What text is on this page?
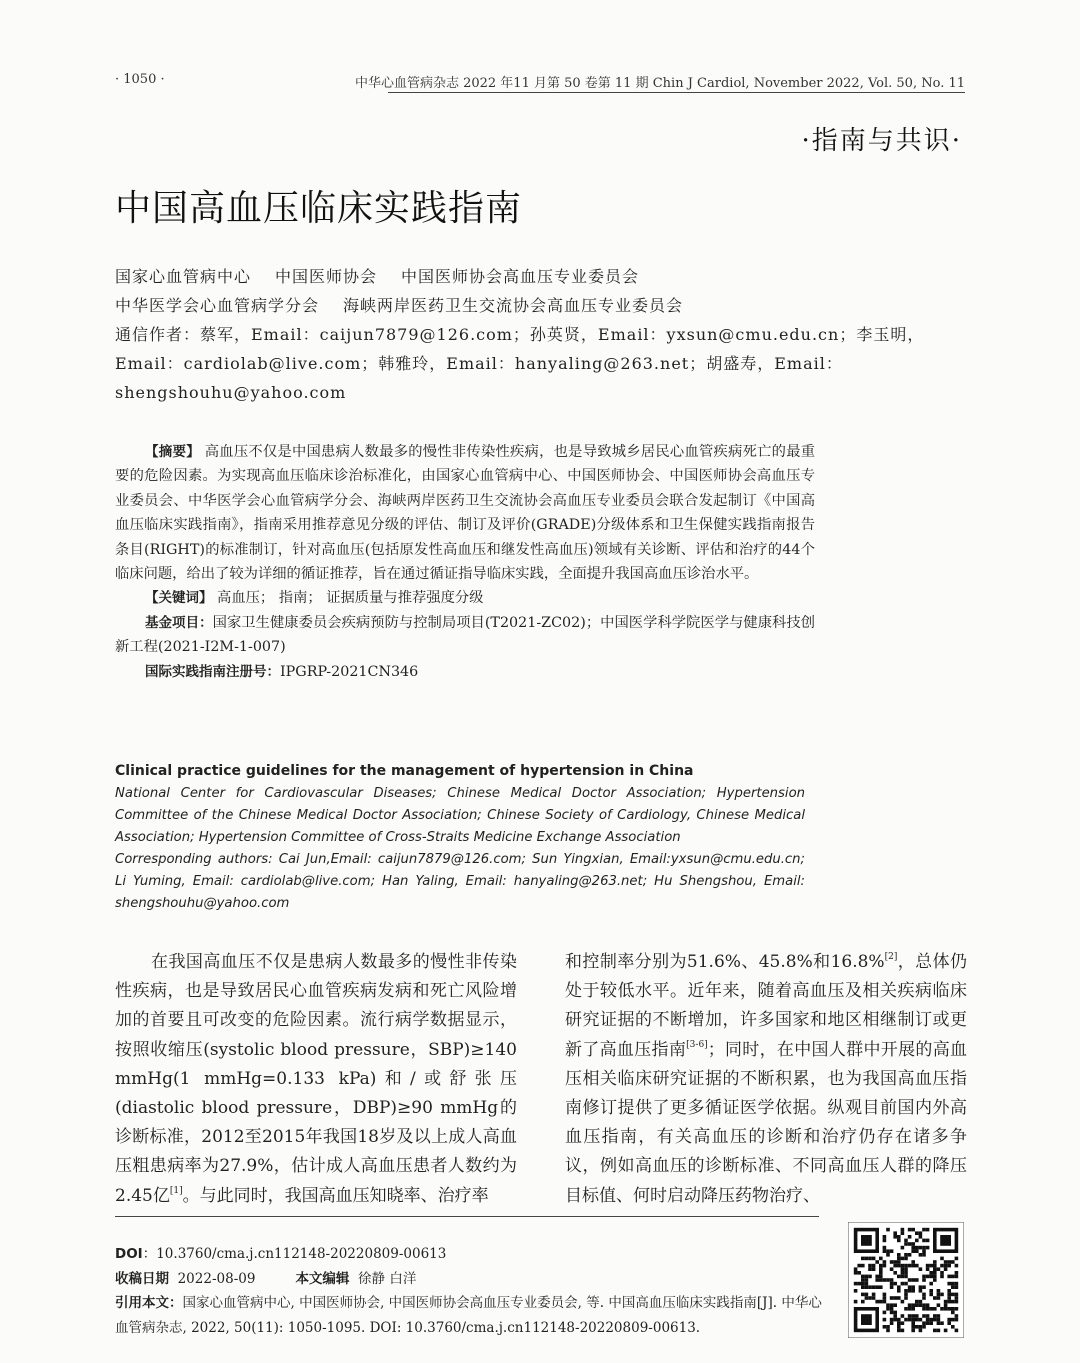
· 1050 ·	中华心血管病杂志 2022 年11 月第 50 卷第 11 期 Chin J Cardiol, November 2022, Vol. 50, No. 11
·指南与共识·
中国高血压临床实践指南
国家心血管病中心 中国医师协会 中国医师协会高血压专业委员会
中华医学会心血管病学分会 海峡两岸医药卫生交流协会高血压专业委员会
通信作者：蔡军，Email：caijun7879@126.com；孙英贤，Email：yxsun@cmu.edu.cn；李玉明，
Email：cardiolab@live.com；韩雅玲，Email：hanyaling@263.net；胡盛寿，Email：
shengshouhu@yahoo.com

【摘要】 高血压不仅是中国患病人数最多的慢性非传染性疾病，也是导致城乡居民心血管疾病死亡的最重要的危险因素。为实现高血压临床诊治标准化，由国家心血管病中心、中国医师协会、中国医师协会高血压专业委员会、中华医学会心血管病学分会、海峡两岸医药卫生交流协会高血压专业委员会联合发起制订《中国高血压临床实践指南》，指南采用推荐意见分级的评估、制订及评价(GRADE)分级体系和卫生保健实践指南报告条目(RIGHT)的标准制订，针对高血压(包括原发性高血压和继发性高血压)领域有关诊断、评估和治疗的44个临床问题，给出了较为详细的循证推荐，旨在通过循证指导临床实践，全面提升我国高血压诊治水平。

【关键词】 高血压； 指南； 证据质量与推荐强度分级

基金项目：国家卫生健康委员会疾病预防与控制局项目(T2021-ZC02)；中国医学科学院医学与健康科技创新工程(2021-I2M-1-007)

国际实践指南注册号：IPGRP-2021CN346

Clinical practice guidelines for the management of hypertension in China
National Center for Cardiovascular Diseases; Chinese Medical Doctor Association; Hypertension Committee of the Chinese Medical Doctor Association; Chinese Society of Cardiology, Chinese Medical Association; Hypertension Committee of Cross-Straits Medicine Exchange Association
Corresponding authors: Cai Jun,Email: caijun7879@126.com; Sun Yingxian, Email:yxsun@cmu.edu.cn; Li Yuming, Email: cardiolab@live.com; Han Yaling, Email: hanyaling@263.net; Hu Shengshou, Email: shengshouhu@yahoo.com

在我国高血压不仅是患病人数最多的慢性非传染性疾病，也是导致居民心血管疾病发病和死亡风险增加的首要且可改变的危险因素。流行病学数据显示，按照收缩压(systolic blood pressure，SBP)≥140 mmHg(1 mmHg=0.133 kPa)和/或舒张压(diastolic blood pressure，DBP)≥90 mmHg的诊断标准，2012至2015年我国18岁及以上成人高血压粗患病率为27.9%，估计成人高血压患者人数约为2.45亿[1]。与此同时，我国高血压知晓率、治疗率

和控制率分别为51.6%、45.8%和16.8%[2]，总体仍处于较低水平。近年来，随着高血压及相关疾病临床研究证据的不断增加，许多国家和地区相继制订或更新了高血压指南[3-6]；同时，在中国人群中开展的高血压相关临床研究证据的不断积累，也为我国高血压指南修订提供了更多循证医学依据。纵观目前国内外高血压指南，有关高血压的诊断和治疗仍存在诸多争议，例如高血压的诊断标准、不同高血压人群的降压目标值、何时启动降压药物治疗、

DOI：10.3760/cma.j.cn112148-20220809-00613
收稿日期 2022-08-09	本文编辑 徐静 白洋
引用本文：国家心血管病中心, 中国医师协会, 中国医师协会高血压专业委员会, 等. 中国高血压临床实践指南[J]. 中华心血管病杂志, 2022, 50(11): 1050-1095. DOI: 10.3760/cma.j.cn112148-20220809-00613.
